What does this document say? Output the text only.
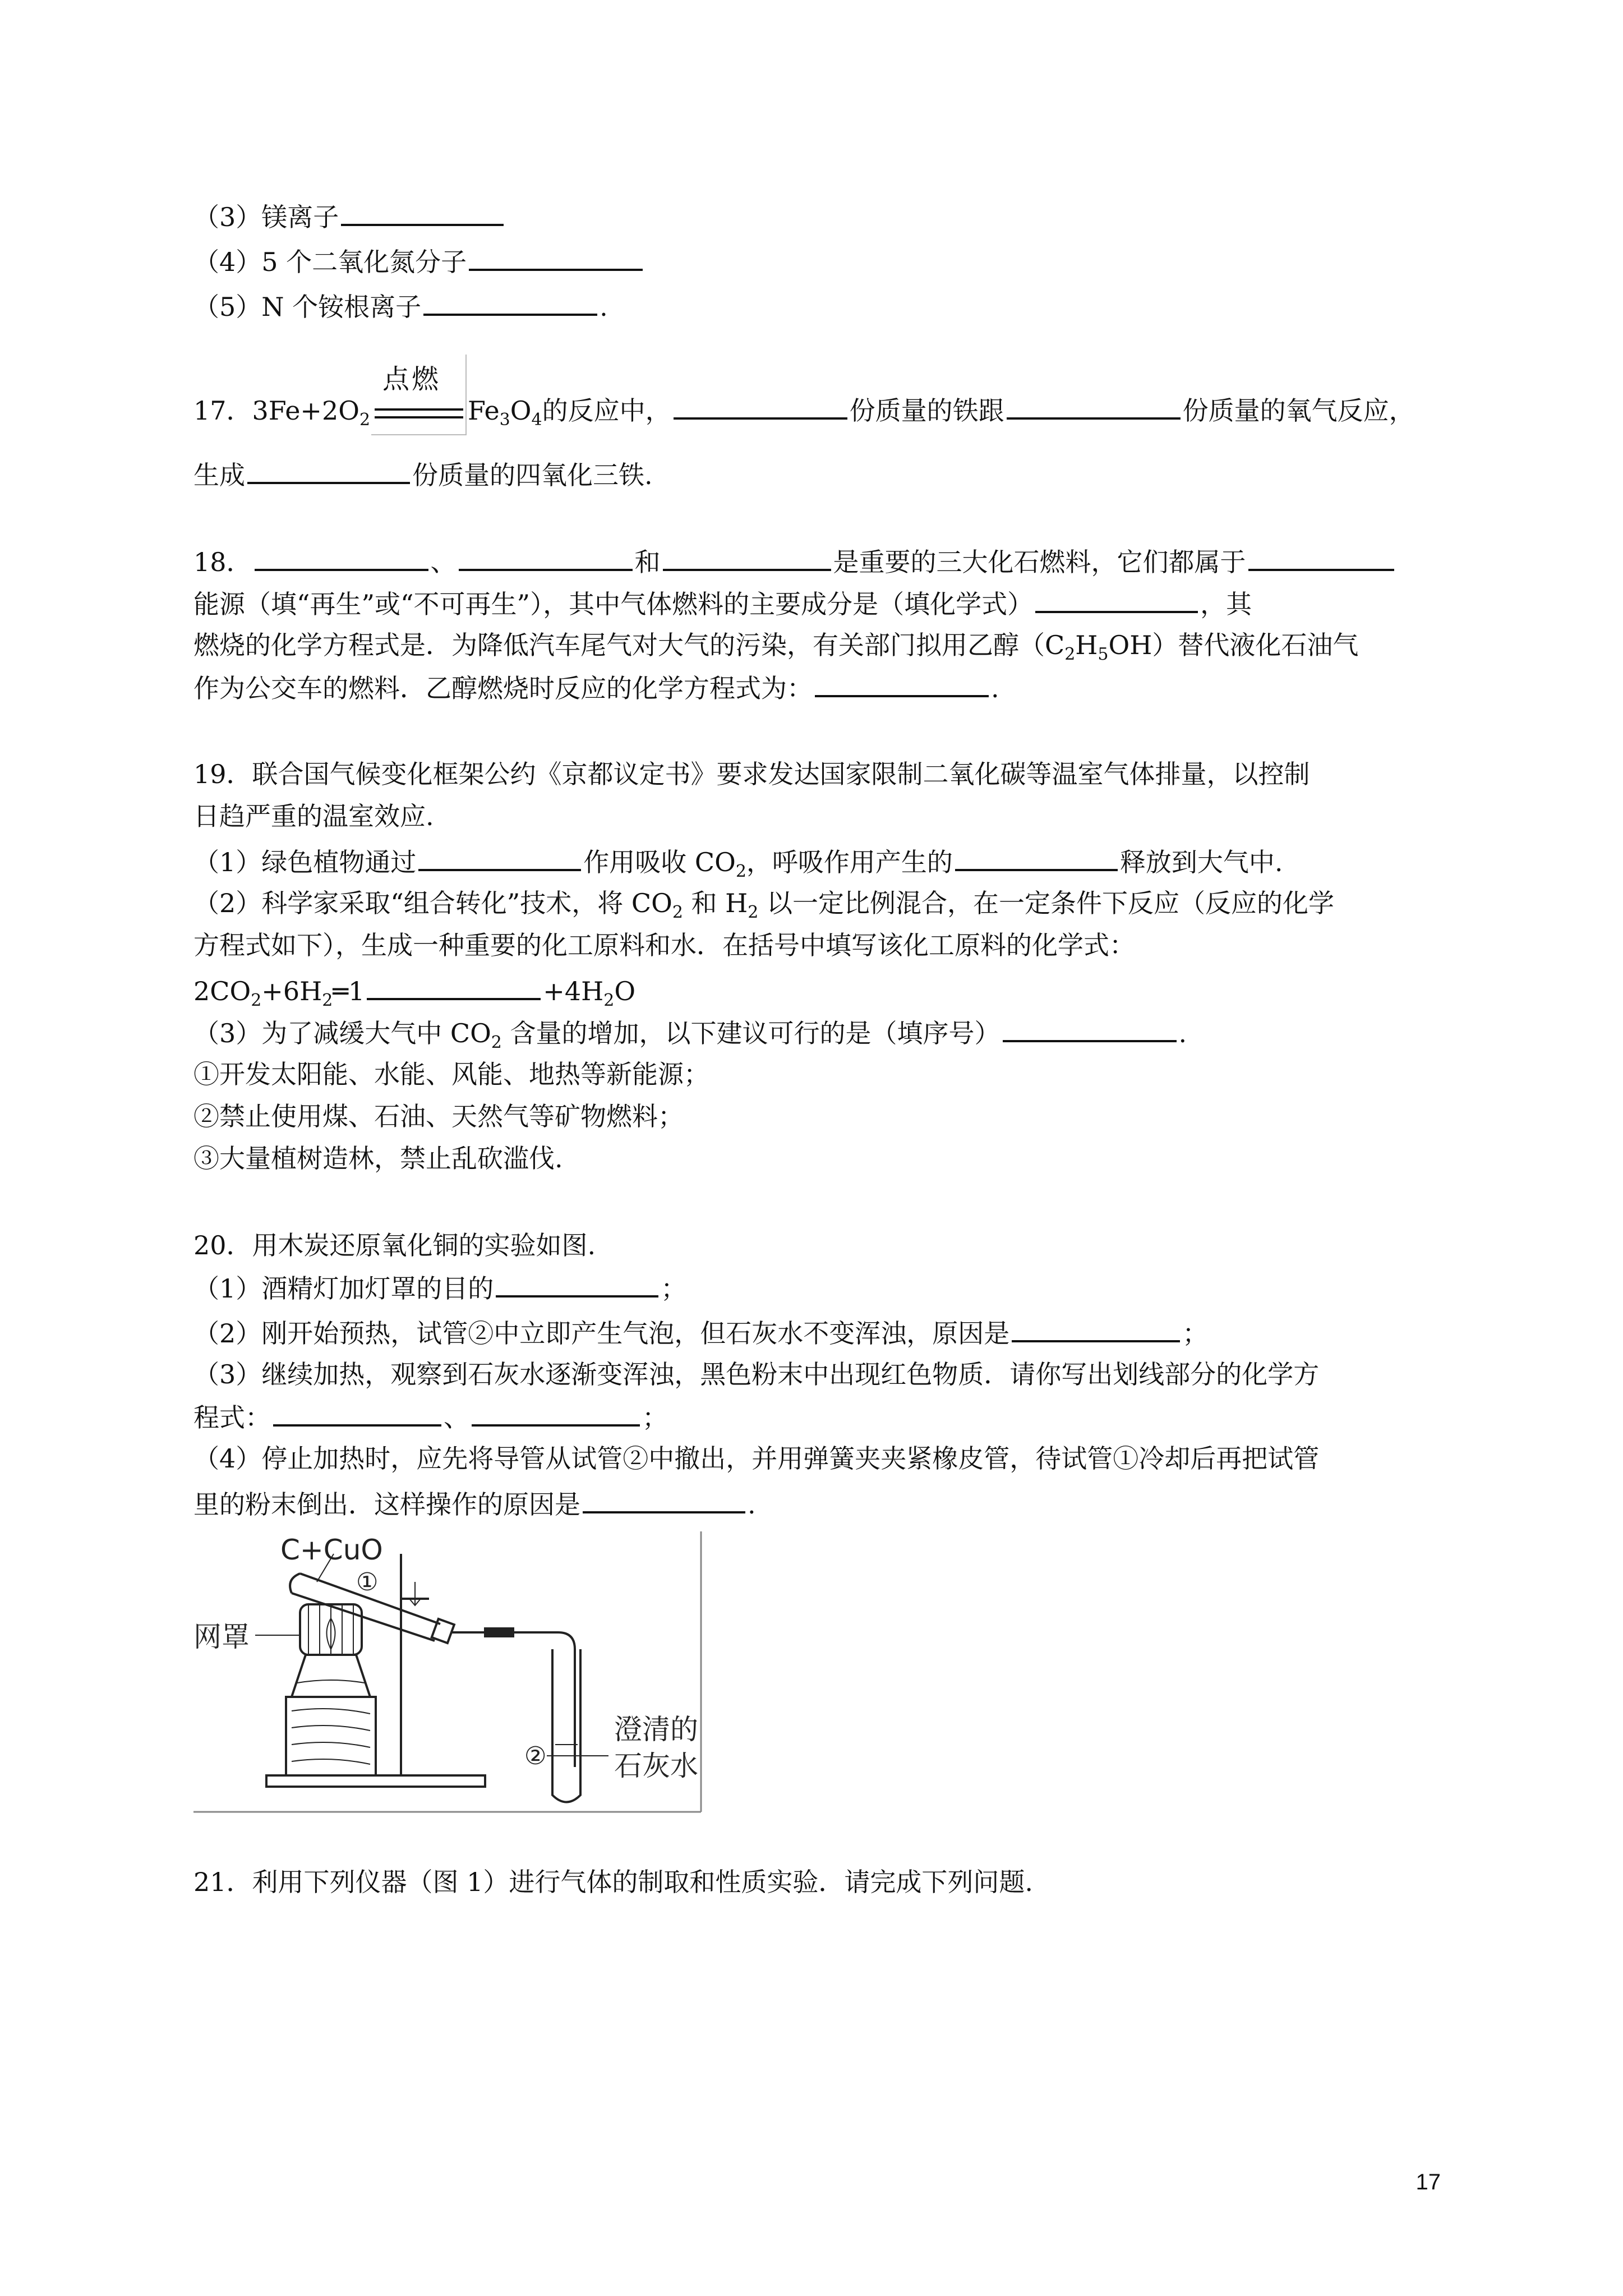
（3）镁离子
（4）5 个二氧化氮分子
（5）N 个铵根离子	.
17．$3Fe+2O_2$
点燃
$Fe_3O_4$的反应中，	份质量的铁跟	份质量的氧气反应，
生成	份质量的四氧化三铁.
18．	、	和	是重要的三大化石燃料，它们都属于
能源（填“再生”或“不可再生”），其中气体燃料的主要成分是（填化学式）	，其
燃烧的化学方程式是．为降低汽车尾气对大气的污染，有关部门拟用乙醇$(C_2H_5OH)$替代液化石油气
作为公交车的燃料．乙醇燃烧时反应的化学方程式为：	.
19．联合国气候变化框架公约《京都议定书》要求发达国家限制二氧化碳等温室气体排量，以控制
日趋严重的温室效应.
（1）绿色植物通过	作用吸收 $CO_2$，呼吸作用产生的	释放到大气中.
（2）科学家采取“组合转化”技术，将 $CO_2$ 和 $H_2$ 以一定比例混合，在一定条件下反应（反应的化学
方程式如下），生成一种重要的化工原料和水．在括号中填写该化工原料的化学式：
$2CO_2+6H_2═1$	$+4H_2O$
（3）为了减缓大气中 $CO_2$ 含量的增加，以下建议可行的是（填序号）	.
①开发太阳能、水能、风能、地热等新能源；
②禁止使用煤、石油、天然气等矿物燃料；
③大量植树造林，禁止乱砍滥伐.
20．用木炭还原氧化铜的实验如图.
（1）酒精灯加灯罩的目的	；
（2）刚开始预热，试管②中立即产生气泡，但石灰水不变浑浊，原因是	；
（3）继续加热，观察到石灰水逐渐变浑浊，黑色粉末中出现红色物质．请你写出划线部分的化学方
程式：	、	；
（4）停止加热时，应先将导管从试管②中撤出，并用弹簧夹夹紧橡皮管，待试管①冷却后再把试管
里的粉末倒出．这样操作的原因是	.
C+CuO
①
网罩
②
澄清的
石灰水
21．利用下列仪器（图 1）进行气体的制取和性质实验．请完成下列问题.
17
